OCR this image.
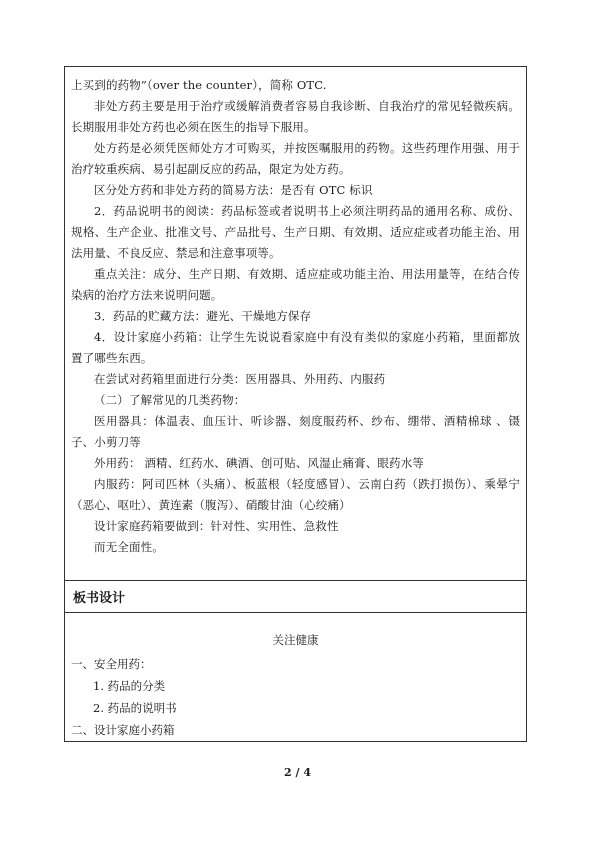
上买到的药物”（over the counter），简称 OTC.

非处方药主要是用于治疗或缓解消费者容易自我诊断、自我治疗的常见轻微疾病。长期服用非处方药也必须在医生的指导下服用。

处方药是必须凭医师处方才可购买，并按医嘱服用的药物。这些药理作用强、用于治疗较重疾病、易引起副反应的药品，限定为处方药。

区分处方药和非处方药的简易方法：是否有 OTC 标识

2．药品说明书的阅读：药品标签或者说明书上必须注明药品的通用名称、成份、规格、生产企业、批准文号、产品批号、生产日期、有效期、适应症或者功能主治、用法用量、不良反应、禁忌和注意事项等。

重点关注：成分、生产日期、有效期、适应症或功能主治、用法用量等，在结合传染病的治疗方法来说明问题。

3．药品的贮藏方法：避光、干燥地方保存

4．设计家庭小药箱：让学生先说说看家庭中有没有类似的家庭小药箱，里面都放置了哪些东西。

在尝试对药箱里面进行分类：医用器具、外用药、内服药

（二）了解常见的几类药物：

医用器具：体温表、血压计、听诊器、刻度服药杯、纱布、绷带、酒精棉球 、镊子、小剪刀等

外用药： 酒精、红药水、碘酒、创可贴、风湿止痛膏、眼药水等

内服药：阿司匹林（头痛）、板蓝根（轻度感冒）、云南白药（跌打损伤）、乘晕宁（恶心、呕吐）、黄连素（腹泻）、硝酸甘油（心绞痛）

设计家庭药箱要做到：针对性、实用性、急救性

而无全面性。

板书设计

关注健康

一、安全用药：

1. 药品的分类

2. 药品的说明书

二、设计家庭小药箱

2 / 4
